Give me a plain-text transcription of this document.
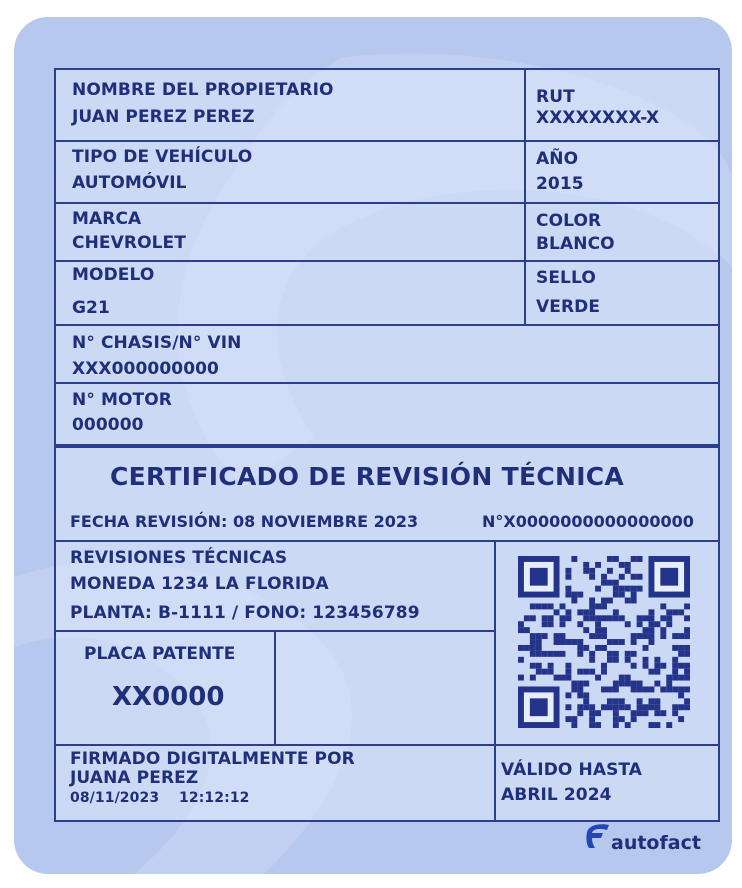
NOMBRE DEL PROPIETARIO
JUAN PEREZ PEREZ
RUT
XXXXXXXX-X
TIPO DE VEHÍCULO
AUTOMÓVIL
AÑO
2015
MARCA
CHEVROLET
COLOR
BLANCO
MODELO
G21
SELLO
VERDE
N° CHASIS/N° VIN
XXX000000000
N° MOTOR
000000
CERTIFICADO DE REVISIÓN TÉCNICA
FECHA REVISIÓN: 08 NOVIEMBRE 2023	N°X0000000000000000
REVISIONES TÉCNICAS
MONEDA 1234 LA FLORIDA
PLANTA: B-1111 / FONO: 123456789
PLACA PATENTE
XX0000
FIRMADO DIGITALMENTE POR
JUANA PEREZ
08/11/2023    12:12:12
VÁLIDO HASTA
ABRIL 2024
autofact
